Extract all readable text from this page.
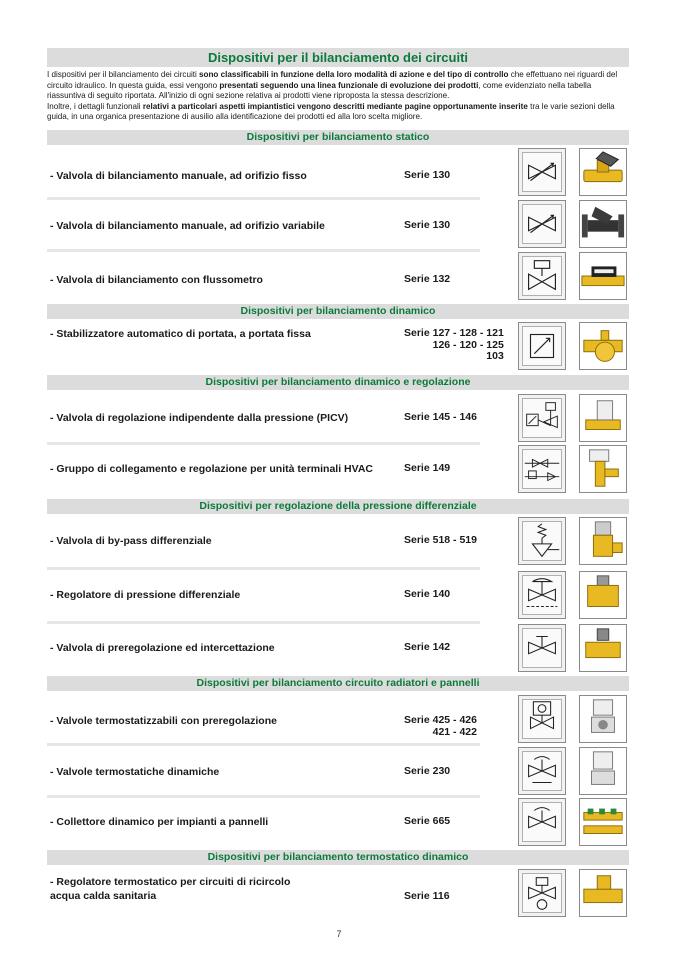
Dispositivi per il bilanciamento dei circuiti
I dispositivi per il bilanciamento dei circuiti sono classificabili in funzione della loro modalità di azione e del tipo di controllo che effettuano nei riguardi del circuito idraulico. In questa guida, essi vengono presentati seguendo una linea funzionale di evoluzione dei prodotti, come evidenziato nella tabella riassuntiva di seguito riportata. All'inizio di ogni sezione relativa ai prodotti viene riproposta la stessa descrizione.
Inoltre, i dettagli funzionali relativi a particolari aspetti impiantistici vengono descritti mediante pagine opportunamente inserite tra le varie sezioni della guida, in una organica presentazione di ausilio alla identificazione dei prodotti ed alla loro scelta migliore.
Dispositivi per bilanciamento statico
Dispositivi per bilanciamento dinamico
Dispositivi per bilanciamento dinamico e regolazione
Dispositivi per regolazione della pressione differenziale
Dispositivi per bilanciamento circuito radiatori e pannelli
Dispositivi per bilanciamento termostatico dinamico
- Valvola di bilanciamento manuale, ad orifizio fisso	Serie 130
- Valvola di bilanciamento manuale, ad orifizio variabile	Serie 130
- Valvola di bilanciamento con flussometro	Serie 132
- Stabilizzatore automatico di portata, a portata fissa	Serie 127 - 128 - 121
126 - 120 - 125
103
- Valvola di regolazione indipendente dalla pressione (PICV)	Serie 145 - 146
- Gruppo di collegamento e regolazione per unità terminali HVAC	Serie 149
- Valvola di by-pass differenziale	Serie 518 - 519
- Regolatore di pressione differenziale	Serie 140
- Valvola di preregolazione ed intercettazione	Serie 142
- Valvole termostatizzabili con preregolazione	Serie 425 - 426
421 - 422
- Valvole termostatiche dinamiche	Serie 230
- Collettore dinamico per impianti a pannelli	Serie 665
- Regolatore termostatico per circuiti di ricircolo
acqua calda sanitaria	Serie 116
7
